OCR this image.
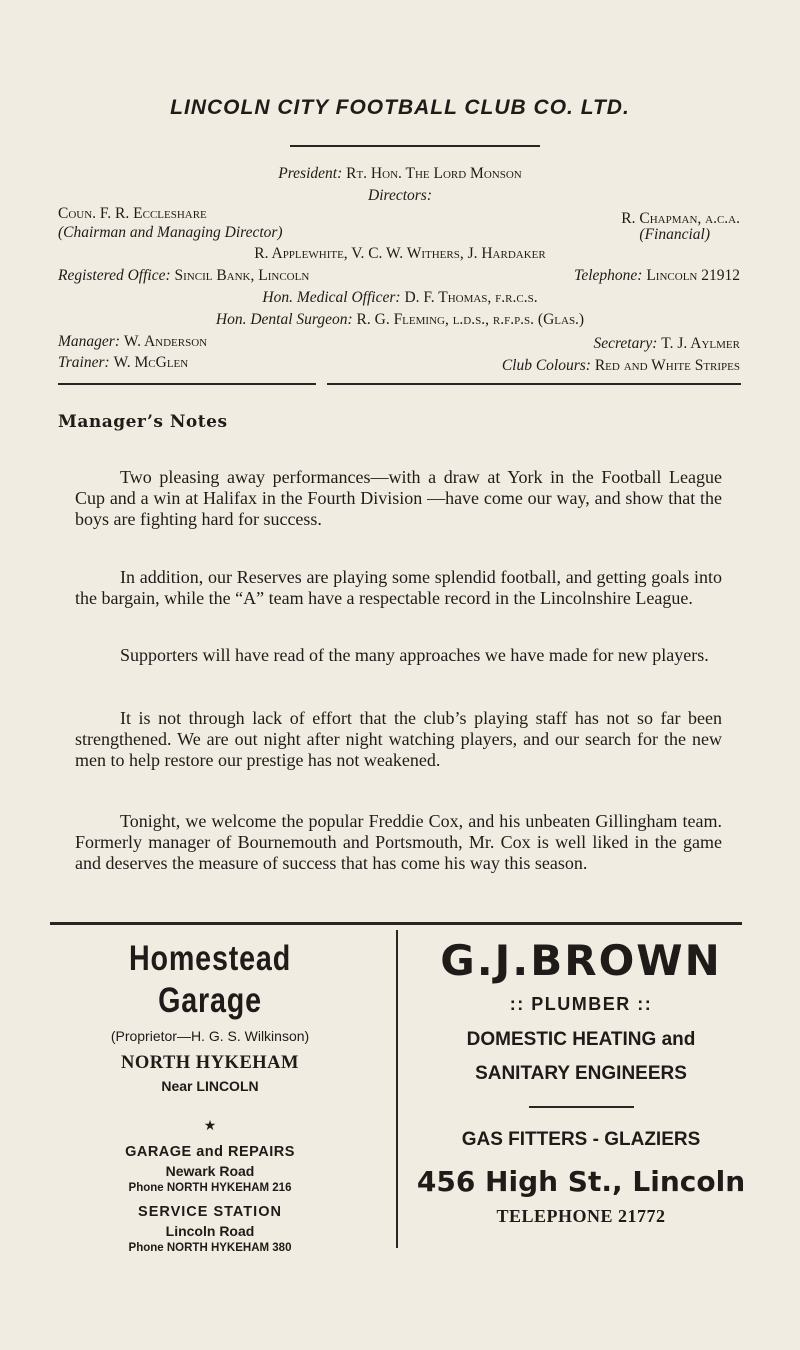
LINCOLN CITY FOOTBALL CLUB CO. LTD.
President: Rt. Hon. The Lord Monson
Directors:
Coun. F. R. Eccleshare
(Chairman and Managing Director)
R. Chapman, a.c.a.
(Financial)
R. Applewhite, V. C. W. Withers, J. Hardaker
Registered Office: Sincil Bank, Lincoln	Telephone: Lincoln 21912
Hon. Medical Officer: D. F. Thomas, f.r.c.s.
Hon. Dental Surgeon: R. G. Fleming, l.d.s., r.f.p.s. (Glas.)
Manager: W. Anderson	Secretary: T. J. Aylmer
Trainer: W. McGlen	Club Colours: Red and White Stripes
Manager’s Notes
Two pleasing away performances—with a draw at York in the Football League Cup and a win at Halifax in the Fourth Division —have come our way, and show that the boys are fighting hard for success.
In addition, our Reserves are playing some splendid football, and getting goals into the bargain, while the “A” team have a respectable record in the Lincolnshire League.
Supporters will have read of the many approaches we have made for new players.
It is not through lack of effort that the club’s playing staff has not so far been strengthened. We are out night after night watching players, and our search for the new men to help restore our prestige has not weakened.
Tonight, we welcome the popular Freddie Cox, and his unbeaten Gillingham team. Formerly manager of Bournemouth and Portsmouth, Mr. Cox is well liked in the game and deserves the measure of success that has come his way this season.
Homestead Garage
(Proprietor—H. G. S. Wilkinson)
NORTH HYKEHAM
Near LINCOLN
★
GARAGE and REPAIRS
Newark Road
Phone NORTH HYKEHAM 216
SERVICE STATION
Lincoln Road
Phone NORTH HYKEHAM 380
G.J.BROWN
:: PLUMBER ::
DOMESTIC HEATING and
SANITARY ENGINEERS
GAS FITTERS - GLAZIERS
456 High St., Lincoln
TELEPHONE 21772
